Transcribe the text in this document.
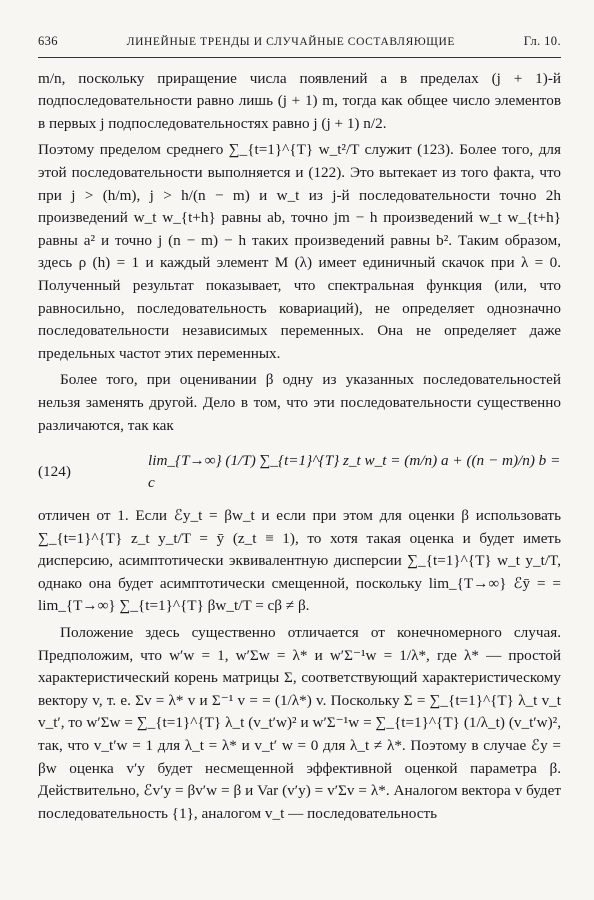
636	ЛИНЕЙНЫЕ ТРЕНДЫ И СЛУЧАЙНЫЕ СОСТАВЛЯЮЩИЕ	Гл. 10.

m/n, поскольку приращение числа появлений a в пределах (j + 1)-й подпоследовательности равно лишь (j + 1) m, тогда как общее число элементов в первых j подпоследовательностях равно j (j + 1) n/2.

Поэтому пределом среднего ∑_{t=1}^{T} w_t²/T служит (123). Более того, для этой последовательности выполняется и (122). Это вытекает из того факта, что при j > (h/m), j > h/(n − m) и w_t из j-й последовательности точно 2h произведений w_t w_{t+h} равны ab, точно jm − h произведений w_t w_{t+h} равны a² и точно j (n − m) − h таких произведений равны b². Таким образом, здесь ρ (h) = 1 и каждый элемент M (λ) имеет единичный скачок при λ = 0. Полученный результат показывает, что спектральная функция (или, что равносильно, последовательность ковариаций), не определяет однозначно последовательности независимых переменных. Она не определяет даже предельных частот этих переменных.

Более того, при оценивании β одну из указанных последовательностей нельзя заменять другой. Дело в том, что эти последовательности существенно различаются, так как

(124)
lim_{T→∞} (1/T) ∑_{t=1}^{T} z_t w_t = (m/n) a + ((n − m)/n) b = c

отличен от 1. Если ℰy_t = βw_t и если при этом для оценки β использовать ∑_{t=1}^{T} z_t y_t/T = ȳ (z_t ≡ 1), то хотя такая оценка и будет иметь дисперсию, асимптотически эквивалентную дисперсии ∑_{t=1}^{T} w_t y_t/T, однако она будет асимптотически смещенной, поскольку lim_{T→∞} ℰȳ = = lim_{T→∞} ∑_{t=1}^{T} βw_t/T = cβ ≠ β.

Положение здесь существенно отличается от конечномерного случая. Предположим, что w′w = 1, w′Σw = λ* и w′Σ⁻¹w = 1/λ*, где λ* — простой характеристический корень матрицы Σ, соответствующий характеристическому вектору v, т. е. Σv = λ* v и Σ⁻¹ v = = (1/λ*) v. Поскольку Σ = ∑_{t=1}^{T} λ_t v_t v_t′, то w′Σw = ∑_{t=1}^{T} λ_t (v_t′w)² и w′Σ⁻¹w = ∑_{t=1}^{T} (1/λ_t) (v_t′w)², так, что v_t′w = 1 для λ_t = λ* и v_t′ w = 0 для λ_t ≠ λ*. Поэтому в случае ℰy = βw оценка v′y будет несмещенной эффективной оценкой параметра β. Действительно, ℰv′y = βv′w = β и Var (v′y) = v′Σv = λ*. Аналогом вектора v будет последовательность {1}, аналогом v_t — последовательность
